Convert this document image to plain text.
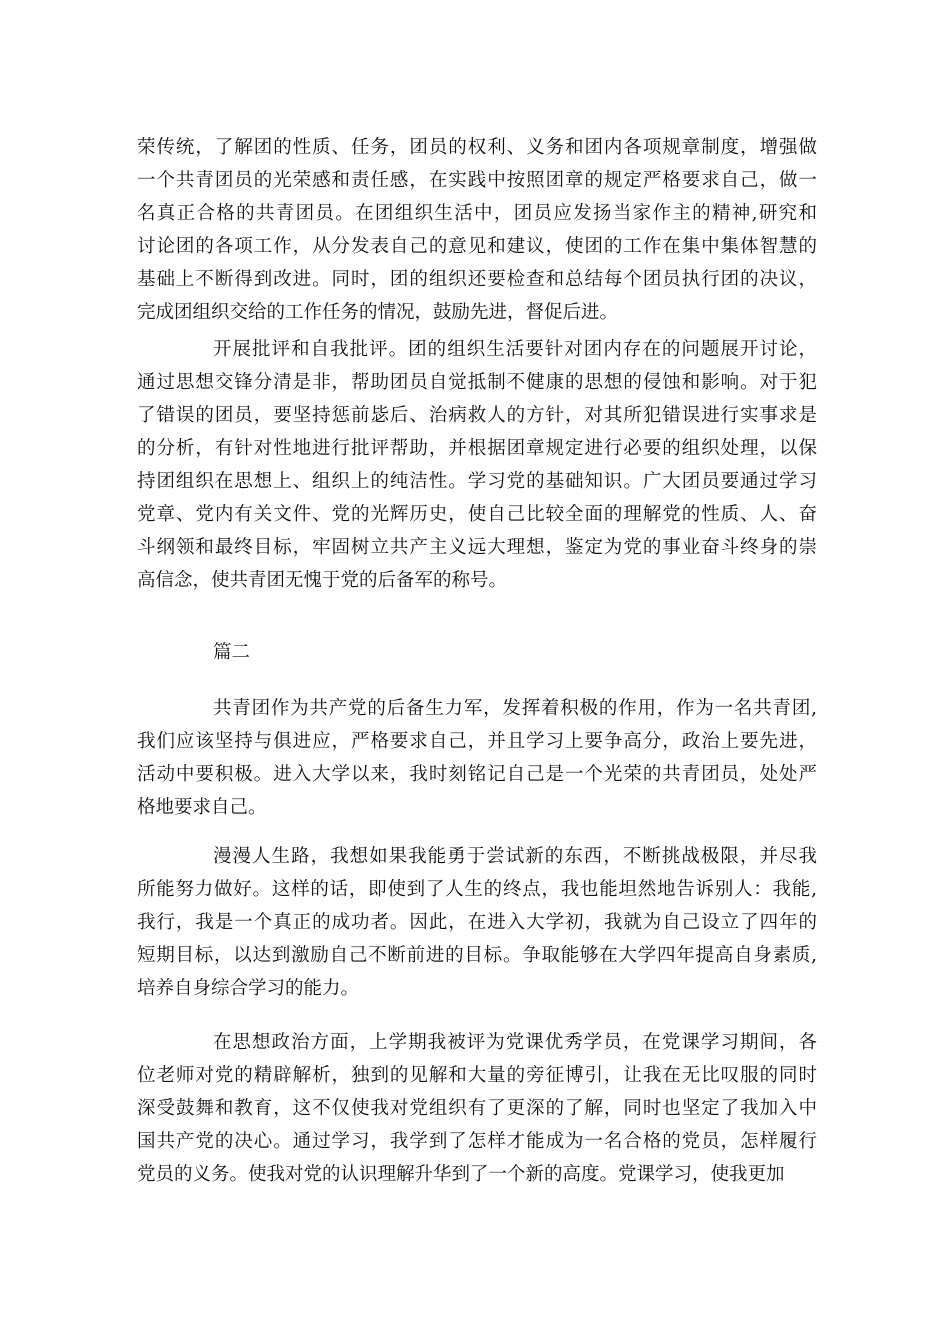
荣传统，了解团的性质、任务，团员的权利、义务和团内各项规章制度，增强做
一个共青团员的光荣感和责任感，在实践中按照团章的规定严格要求自己，做一
名真正合格的共青团员。在团组织生活中，团员应发扬当家作主的精神,研究和
讨论团的各项工作，从分发表自己的意见和建议，使团的工作在集中集体智慧的
基础上不断得到改进。同时，团的组织还要检查和总结每个团员执行团的决议，
完成团组织交给的工作任务的情况，鼓励先进，督促后进。
开展批评和自我批评。团的组织生活要针对团内存在的问题展开讨论，
通过思想交锋分清是非，帮助团员自觉抵制不健康的思想的侵蚀和影响。对于犯
了错误的团员，要坚持惩前毖后、治病救人的方针，对其所犯错误进行实事求是
的分析，有针对性地进行批评帮助，并根据团章规定进行必要的组织处理，以保
持团组织在思想上、组织上的纯洁性。学习党的基础知识。广大团员要通过学习
党章、党内有关文件、党的光辉历史，使自己比较全面的理解党的性质、人、奋
斗纲领和最终目标，牢固树立共产主义远大理想，鉴定为党的事业奋斗终身的崇
高信念，使共青团无愧于党的后备军的称号。
篇二
共青团作为共产党的后备生力军，发挥着积极的作用，作为一名共青团,
我们应该坚持与俱进应，严格要求自己，并且学习上要争高分，政治上要先进，
活动中要积极。进入大学以来，我时刻铭记自己是一个光荣的共青团员，处处严
格地要求自己。
漫漫人生路，我想如果我能勇于尝试新的东西，不断挑战极限，并尽我
所能努力做好。这样的话，即使到了人生的终点，我也能坦然地告诉别人：我能,
我行，我是一个真正的成功者。因此，在进入大学初，我就为自己设立了四年的
短期目标，以达到激励自己不断前进的目标。争取能够在大学四年提高自身素质,
培养自身综合学习的能力。
在思想政治方面，上学期我被评为党课优秀学员，在党课学习期间，各
位老师对党的精辟解析，独到的见解和大量的旁征博引，让我在无比叹服的同时
深受鼓舞和教育，这不仅使我对党组织有了更深的了解，同时也坚定了我加入中
国共产党的决心。通过学习，我学到了怎样才能成为一名合格的党员，怎样履行
党员的义务。使我对党的认识理解升华到了一个新的高度。党课学习，使我更加
